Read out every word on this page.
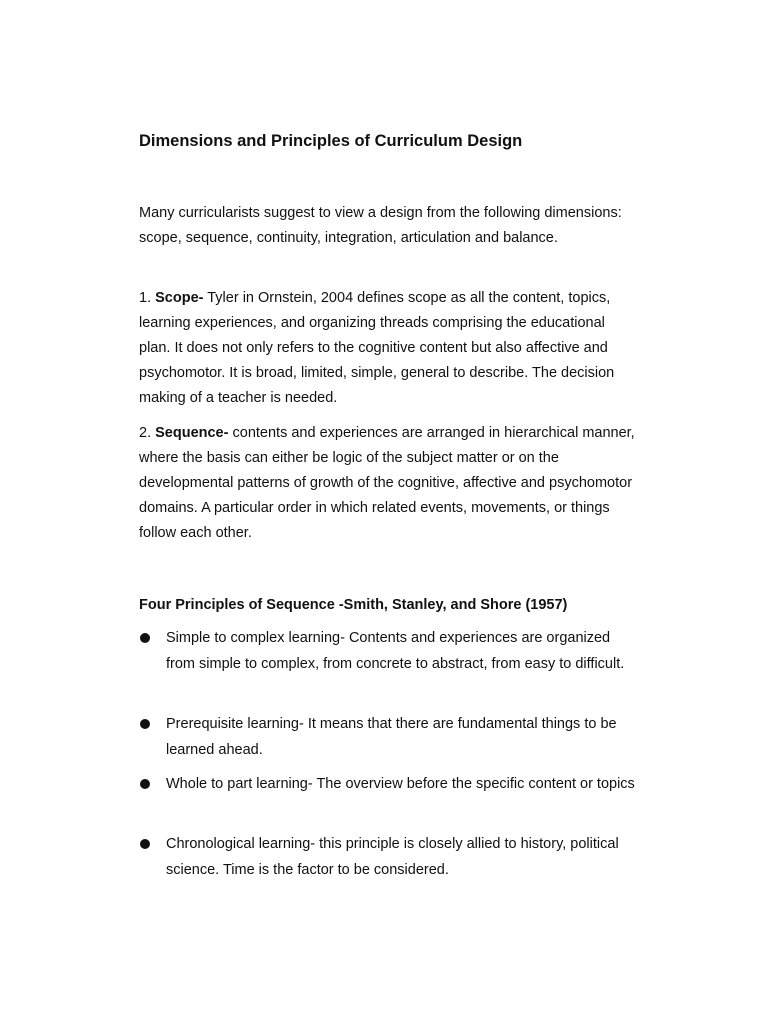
Dimensions and Principles of Curriculum Design

Many curricularists suggest to view a design from the following dimensions: scope, sequence, continuity, integration, articulation and balance.

1. Scope- Tyler in Ornstein, 2004 defines scope as all the content, topics, learning experiences, and organizing threads comprising the educational plan. It does not only refers to the cognitive content but also affective and psychomotor. It is broad, limited, simple, general to describe. The decision making of a teacher is needed.

2. Sequence- contents and experiences are arranged in hierarchical manner, where the basis can either be logic of the subject matter or on the developmental patterns of growth of the cognitive, affective and psychomotor domains. A particular order in which related events, movements, or things follow each other.

Four Principles of Sequence -Smith, Stanley, and Shore (1957)
Simple to complex learning- Contents and experiences are organized from simple to complex, from concrete to abstract, from easy to difficult.
Prerequisite learning- It means that there are fundamental things to be learned ahead.
Whole to part learning- The overview before the specific content or topics
Chronological learning- this principle is closely allied to history, political science. Time is the factor to be considered.
